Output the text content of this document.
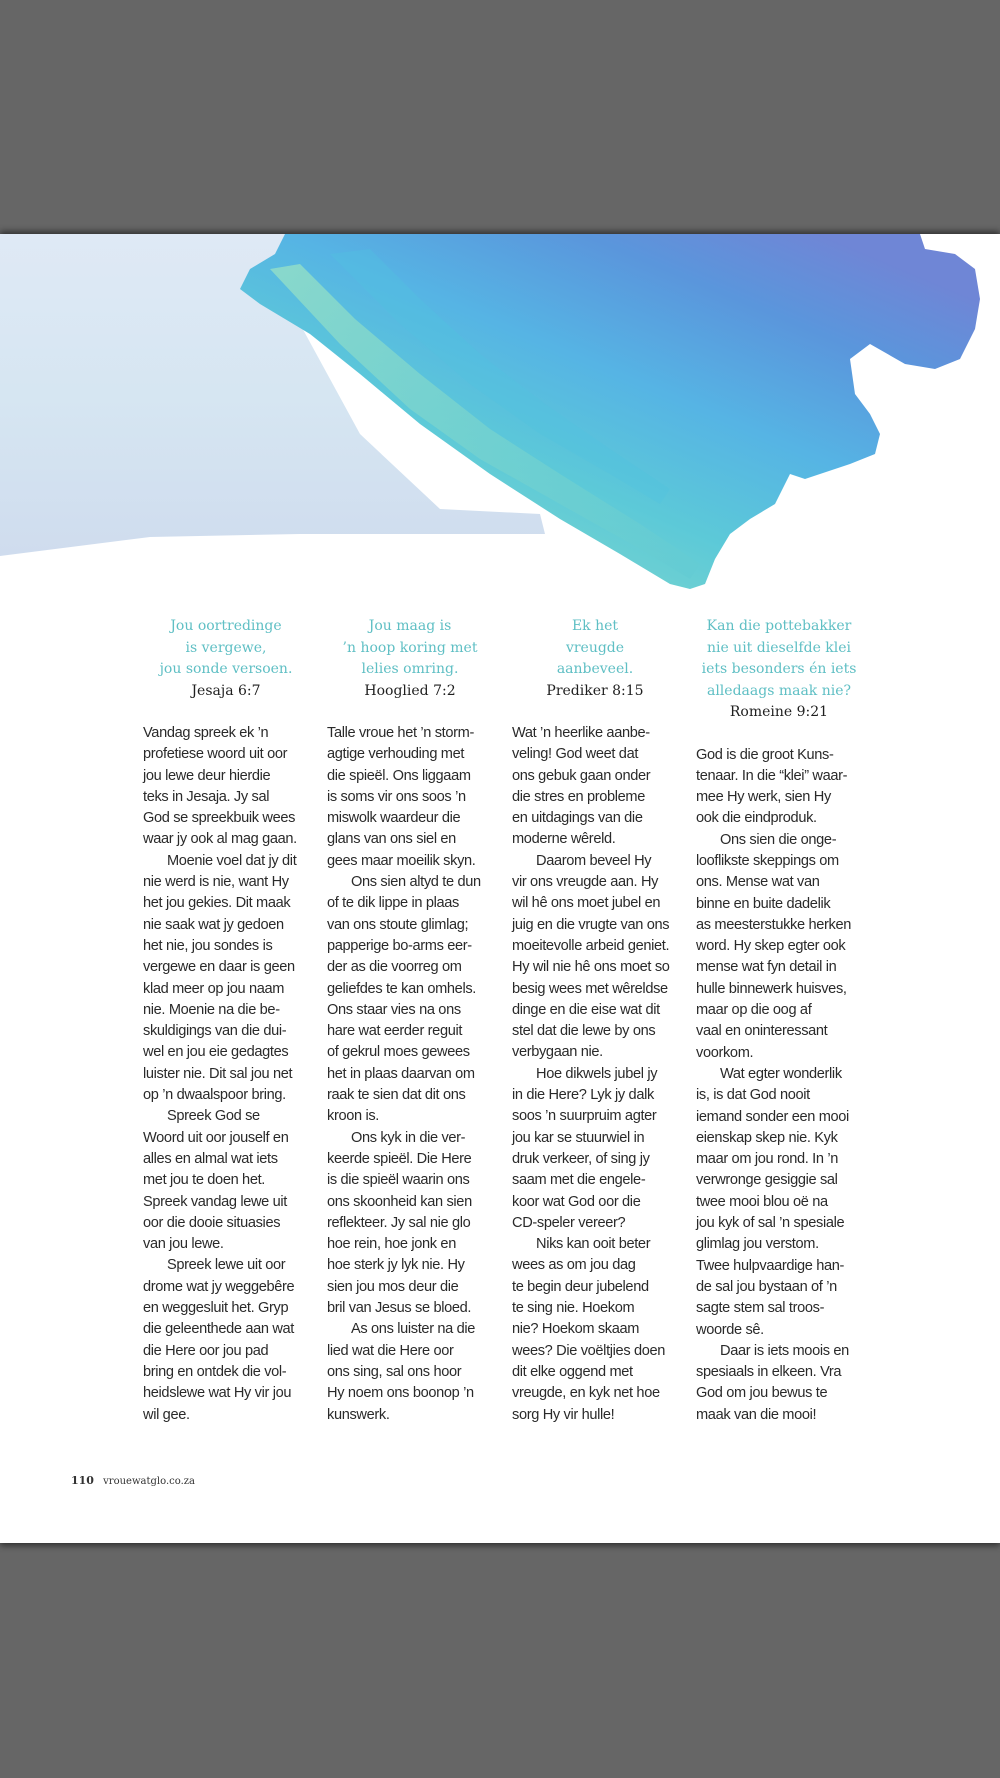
Jou oortredinge
is vergewe,
jou sonde versoen.

Jesaja 6:7

Vandag spreek ek ’n
profetiese woord uit oor
jou lewe deur hierdie
teks in Jesaja. Jy sal
God se spreekbuik wees
waar jy ook al mag gaan.
Moenie voel dat jy dit
nie werd is nie, want Hy
het jou gekies. Dit maak
nie saak wat jy gedoen
het nie, jou sondes is
vergewe en daar is geen
klad meer op jou naam
nie. Moenie na die be-
skuldigings van die dui-
wel en jou eie gedagtes
luister nie. Dit sal jou net
op ’n dwaalspoor bring.
Spreek God se
Woord uit oor jouself en
alles en almal wat iets
met jou te doen het.
Spreek vandag lewe uit
oor die dooie situasies
van jou lewe.
Spreek lewe uit oor
drome wat jy weggebêre
en weggesluit het. Gryp
die geleenthede aan wat
die Here oor jou pad
bring en ontdek die vol-
heidslewe wat Hy vir jou
wil gee.

Jou maag is
’n hoop koring met
lelies omring.

Hooglied 7:2

Talle vroue het ’n storm-
agtige verhouding met
die spieël. Ons liggaam
is soms vir ons soos ’n
miswolk waardeur die
glans van ons siel en
gees maar moeilik skyn.
Ons sien altyd te dun
of te dik lippe in plaas
van ons stoute glimlag;
papperige bo-arms eer-
der as die voorreg om
geliefdes te kan omhels.
Ons staar vies na ons
hare wat eerder reguit
of gekrul moes gewees
het in plaas daarvan om
raak te sien dat dit ons
kroon is.
Ons kyk in die ver-
keerde spieël. Die Here
is die spieël waarin ons
ons skoonheid kan sien
reflekteer. Jy sal nie glo
hoe rein, hoe jonk en
hoe sterk jy lyk nie. Hy
sien jou mos deur die
bril van Jesus se bloed.
As ons luister na die
lied wat die Here oor
ons sing, sal ons hoor
Hy noem ons boonop ’n
kunswerk.

Ek het
vreugde
aanbeveel.

Prediker 8:15

Wat ’n heerlike aanbe-
veling! God weet dat
ons gebuk gaan onder
die stres en probleme
en uitdagings van die
moderne wêreld.
Daarom beveel Hy
vir ons vreugde aan. Hy
wil hê ons moet jubel en
juig en die vrugte van ons
moeitevolle arbeid geniet.
Hy wil nie hê ons moet so
besig wees met wêreldse
dinge en die eise wat dit
stel dat die lewe by ons
verbygaan nie.
Hoe dikwels jubel jy
in die Here? Lyk jy dalk
soos ’n suurpruim agter
jou kar se stuurwiel in
druk verkeer, of sing jy
saam met die engele-
koor wat God oor die
CD-speler vereer?
Niks kan ooit beter
wees as om jou dag
te begin deur jubelend
te sing nie. Hoekom
nie? Hoekom skaam
wees? Die voëltjies doen
dit elke oggend met
vreugde, en kyk net hoe
sorg Hy vir hulle!

Kan die pottebakker
nie uit dieselfde klei
iets besonders én iets
alledaags maak nie?

Romeine 9:21

God is die groot Kuns-
tenaar. In die “klei” waar-
mee Hy werk, sien Hy
ook die eindproduk.
Ons sien die onge-
looflikste skeppings om
ons. Mense wat van
binne en buite dadelik
as meesterstukke herken
word. Hy skep egter ook
mense wat fyn detail in
hulle binnewerk huisves,
maar op die oog af
vaal en oninteressant
voorkom.
Wat egter wonderlik
is, is dat God nooit
iemand sonder een mooi
eienskap skep nie. Kyk
maar om jou rond. In ’n
verwronge gesiggie sal
twee mooi blou oë na
jou kyk of sal ’n spesiale
glimlag jou verstom.
Twee hulpvaardige han-
de sal jou bystaan of ’n
sagte stem sal troos-
woorde sê.
Daar is iets moois en
spesiaals in elkeen. Vra
God om jou bewus te
maak van die mooi!
110 vrouewatglo.co.za
